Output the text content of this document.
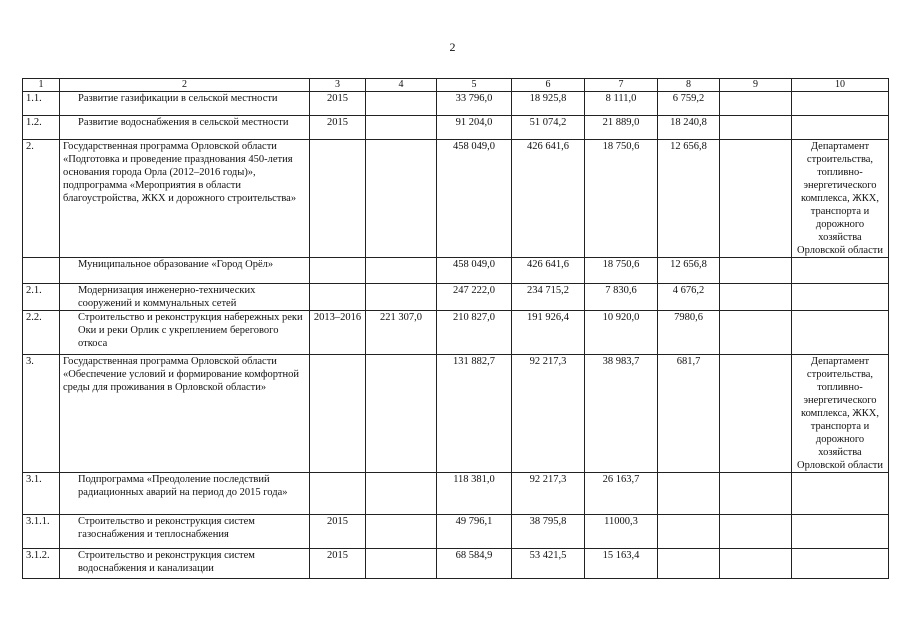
2
1	2	3	4	5	6	7	8	9	10
1.1.	Развитие газификации в сельской местности	2015		33 796,0	18 925,8	8 111,0	6 759,2		
1.2.	Развитие водоснабжения в сельской местности	2015		91 204,0	51 074,2	21 889,0	18 240,8		
2.	Государственная программа Орловской области «Подготовка и проведение празднования 450-летия основания города Орла (2012–2016 годы)», подпрограмма «Мероприятия в области благоустройства, ЖКХ и дорожного строительства»			458 049,0	426 641,6	18 750,6	12 656,8		Департамент строительства, топливно-энергетического комплекса, ЖКХ, транспорта и дорожного хозяйства Орловской области
	Муниципальное образование «Город Орёл»			458 049,0	426 641,6	18 750,6	12 656,8		
2.1.	Модернизация инженерно-технических сооружений и коммунальных сетей			247 222,0	234 715,2	7 830,6	4 676,2		
2.2.	Строительство и реконструкция набережных реки Оки и реки Орлик с укреплением берегового откоса	2013–2016	221 307,0	210 827,0	191 926,4	10 920,0	7980,6		
3.	Государственная программа Орловской области «Обеспечение условий и формирование комфортной среды для проживания в Орловской области»			131 882,7	92 217,3	38 983,7	681,7		Департамент строительства, топливно-энергетического комплекса, ЖКХ, транспорта и дорожного хозяйства Орловской области
3.1.	Подпрограмма «Преодоление последствий радиационных аварий на период до 2015 года»			118 381,0	92 217,3	26 163,7			
3.1.1.	Строительство и реконструкция систем газоснабжения и теплоснабжения	2015		49 796,1	38 795,8	11000,3			
3.1.2.	Строительство и реконструкция систем водоснабжения и канализации	2015		68 584,9	53 421,5	15 163,4			
